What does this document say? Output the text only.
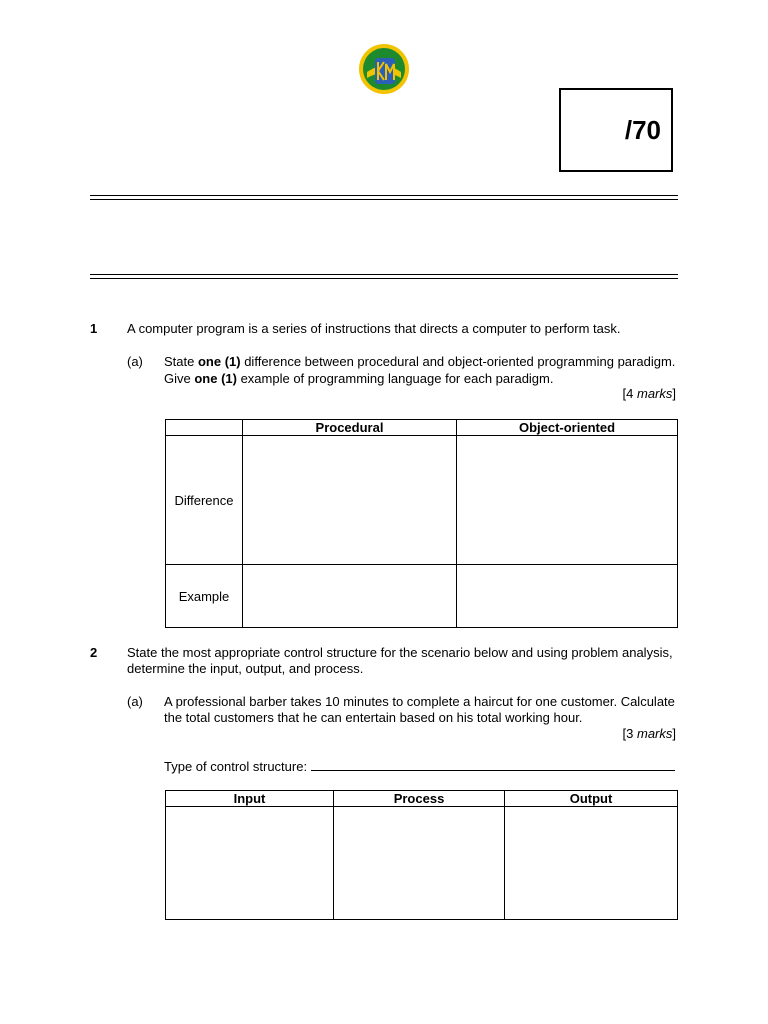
/70
1 A computer program is a series of instructions that directs a computer to perform task.
(a) State one (1) difference between procedural and object-oriented programming paradigm.
Give one (1) example of programming language for each paradigm.
[4 marks]
	Procedural	Object-oriented
Difference		
Example		
2 State the most appropriate control structure for the scenario below and using problem analysis,
determine the input, output, and process.
(a) A professional barber takes 10 minutes to complete a haircut for one customer. Calculate
the total customers that he can entertain based on his total working hour.
[3 marks]
Type of control structure:
Input	Process	Output
